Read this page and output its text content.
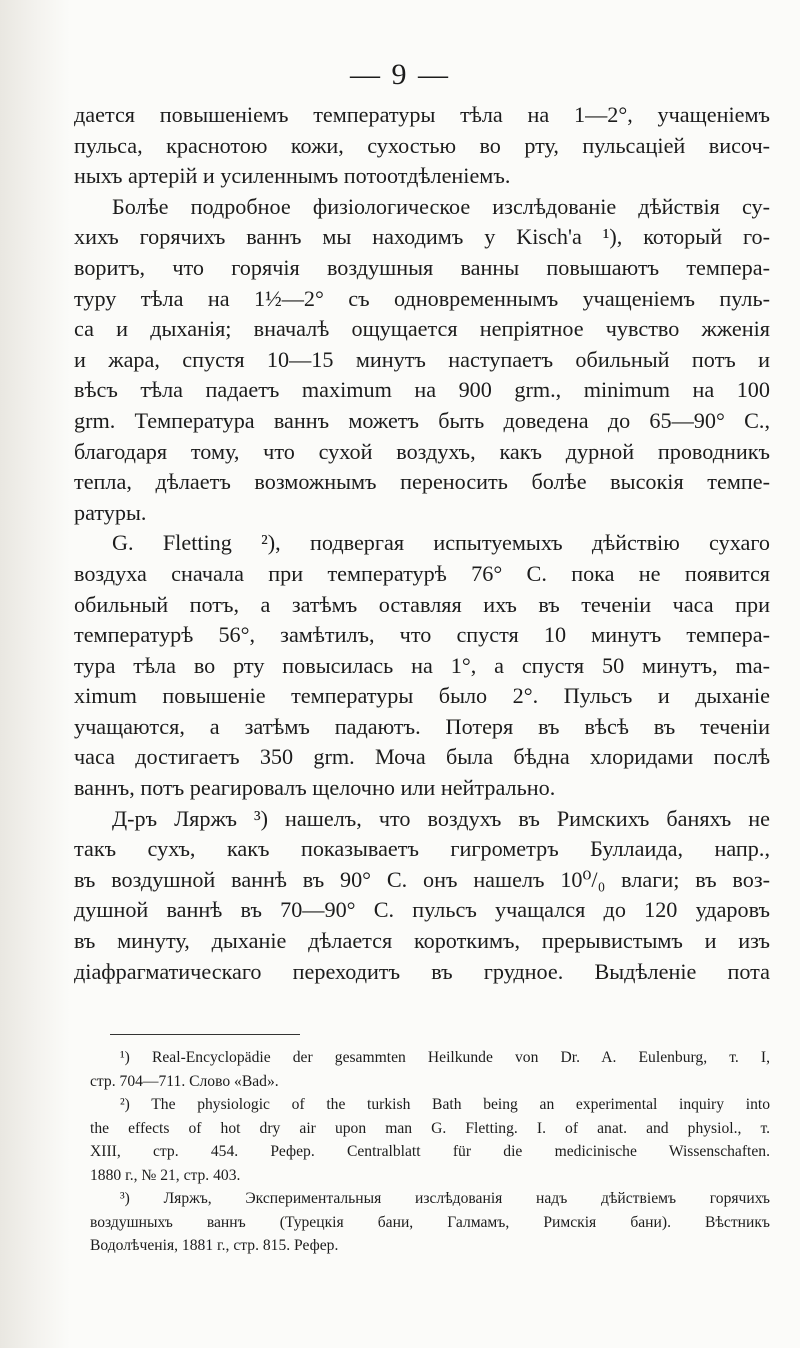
— 9 —
дается повышеніемъ температуры тѣла на 1—2°, учащеніемъ
пульса, краснотою кожи, сухостью во рту, пульсаціей височ-
ныхъ артерій и усиленнымъ потоотдѣленіемъ.
Болѣе подробное физіологическое изслѣдованіе дѣйствія су-
хихъ горячихъ ваннъ мы находимъ у Kisch'а ¹), который го-
воритъ, что горячія воздушныя ванны повышаютъ темпера-
туру тѣла на 1½—2° съ одновременнымъ учащеніемъ пуль-
са и дыханія; вначалѣ ощущается непріятное чувство жженія
и жара, спустя 10—15 минутъ наступаетъ обильный потъ и
вѣсъ тѣла падаетъ maximum на 900 grm., minimum на 100
grm. Температура ваннъ можетъ быть доведена до 65—90° С.,
благодаря тому, что сухой воздухъ, какъ дурной проводникъ
тепла, дѣлаетъ возможнымъ переносить болѣе высокія темпе-
ратуры.
G. Fletting ²), подвергая испытуемыхъ дѣйствію сухаго
воздуха сначала при температурѣ 76° С. пока не появится
обильный потъ, а затѣмъ оставляя ихъ въ теченіи часа при
температурѣ 56°, замѣтилъ, что спустя 10 минутъ темпера-
тура тѣла во рту повысилась на 1°, а спустя 50 минутъ, ma-
ximum повышеніе температуры было 2°. Пульсъ и дыханіе
учащаются, а затѣмъ падаютъ. Потеря въ вѣсѣ въ теченіи
часа достигаетъ 350 grm. Моча была бѣдна хлоридами послѣ
ваннъ, потъ реагировалъ щелочно или нейтрально.
Д-ръ Ляржъ ³) нашелъ, что воздухъ въ Римскихъ баняхъ не
такъ сухъ, какъ показываетъ гигрометръ Буллаида, напр.,
въ воздушной ваннѣ въ 90° С. онъ нашелъ 10⁰/₀ влаги; въ воз-
душной ваннѣ въ 70—90° С. пульсъ учащался до 120 ударовъ
въ минуту, дыханіе дѣлается короткимъ, прерывистымъ и изъ
діафрагматическаго переходитъ въ грудное. Выдѣленіе пота
¹) Real-Encyclopädie der gesammten Heilkunde von Dr. A. Eulenburg, т. I,
стр. 704—711. Слово «Bad».
²) The physiologic of the turkish Bath being an experimental inquiry into
the effects of hot dry air upon man G. Fletting. I. of anat. and physiol., т.
XIII, стр. 454. Рефер. Centralblatt für die medicinische Wissenschaften.
1880 г., № 21, стр. 403.
³) Ляржъ, Экспериментальныя изслѣдованія надъ дѣйствіемъ горячихъ
воздушныхъ ваннъ (Турецкія бани, Галмамъ, Римскія бани). Вѣстникъ
Водолѣченія, 1881 г., стр. 815. Рефер.
